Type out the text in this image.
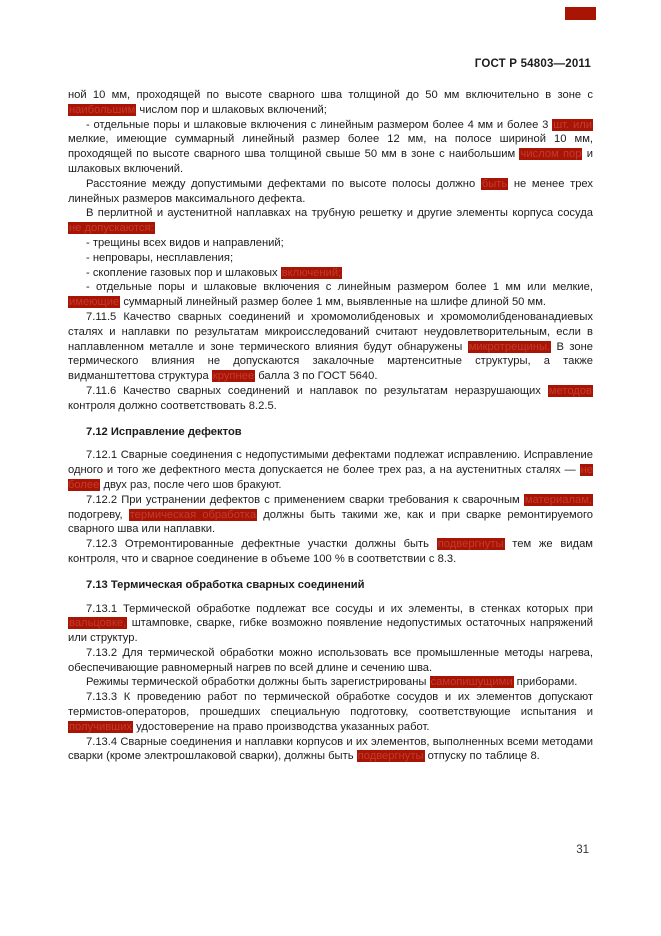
ГОСТ Р 54803—2011

ной 10 мм, проходящей по высоте сварного шва толщиной до 50 мм включительно в зоне с наибольшим числом пор и шлаковых включений;

- отдельные поры и шлаковые включения с линейным размером более 4 мм и более 3 шт. или мелкие, имеющие суммарный линейный размер более 12 мм, на полосе шириной 10 мм, проходящей по высоте сварного шва толщиной свыше 50 мм в зоне с наибольшим числом пор и шлаковых включений.

Расстояние между допустимыми дефектами по высоте полосы должно быть не менее трех линейных размеров максимального дефекта.

В перлитной и аустенитной наплавках на трубную решетку и другие элементы корпуса сосуда не допускаются:

- трещины всех видов и направлений;

- непровары, несплавления;

- скопление газовых пор и шлаковых включений;

- отдельные поры и шлаковые включения с линейным размером более 1 мм или мелкие, имеющие суммарный линейный размер более 1 мм, выявленные на шлифе длиной 50 мм.

7.11.5 Качество сварных соединений и хромомолибденовых и хромомолибденованадиевых сталях и наплавки по результатам микроисследований считают неудовлетворительным, если в наплавленном металле и зоне термического влияния будут обнаружены микротрещины. В зоне термического влияния не допускаются закалочные мартенситные структуры, а также видманштеттова структура крупнее балла 3 по ГОСТ 5640.

7.11.6 Качество сварных соединений и наплавок по результатам неразрушающих методов контроля должно соответствовать 8.2.5.

7.12 Исправление дефектов

7.12.1 Сварные соединения с недопустимыми дефектами подлежат исправлению. Исправление одного и того же дефектного места допускается не более трех раз, а на аустенитных сталях — не более двух раз, после чего шов бракуют.

7.12.2 При устранении дефектов с применением сварки требования к сварочным материалам, подогреву, термическая обработка должны быть такими же, как и при сварке ремонтируемого сварного шва или наплавки.

7.12.3 Отремонтированные дефектные участки должны быть подвергнуты тем же видам контроля, что и сварное соединение в объеме 100 % в соответствии с 8.3.

7.13 Термическая обработка сварных соединений

7.13.1 Термической обработке подлежат все сосуды и их элементы, в стенках которых при вальцовке, штамповке, сварке, гибке возможно появление недопустимых остаточных напряжений или структур.

7.13.2 Для термической обработки можно использовать все промышленные методы нагрева, обеспечивающие равномерный нагрев по всей длине и сечению шва.

Режимы термической обработки должны быть зарегистрированы самопишущими приборами.

7.13.3 К проведению работ по термической обработке сосудов и их элементов допускают термистов-операторов, прошедших специальную подготовку, соответствующие испытания и получивших удостоверение на право производства указанных работ.

7.13.4 Сварные соединения и наплавки корпусов и их элементов, выполненных всеми методами сварки (кроме электрошлаковой сварки), должны быть подвергнуты отпуску по таблице 8.

31
